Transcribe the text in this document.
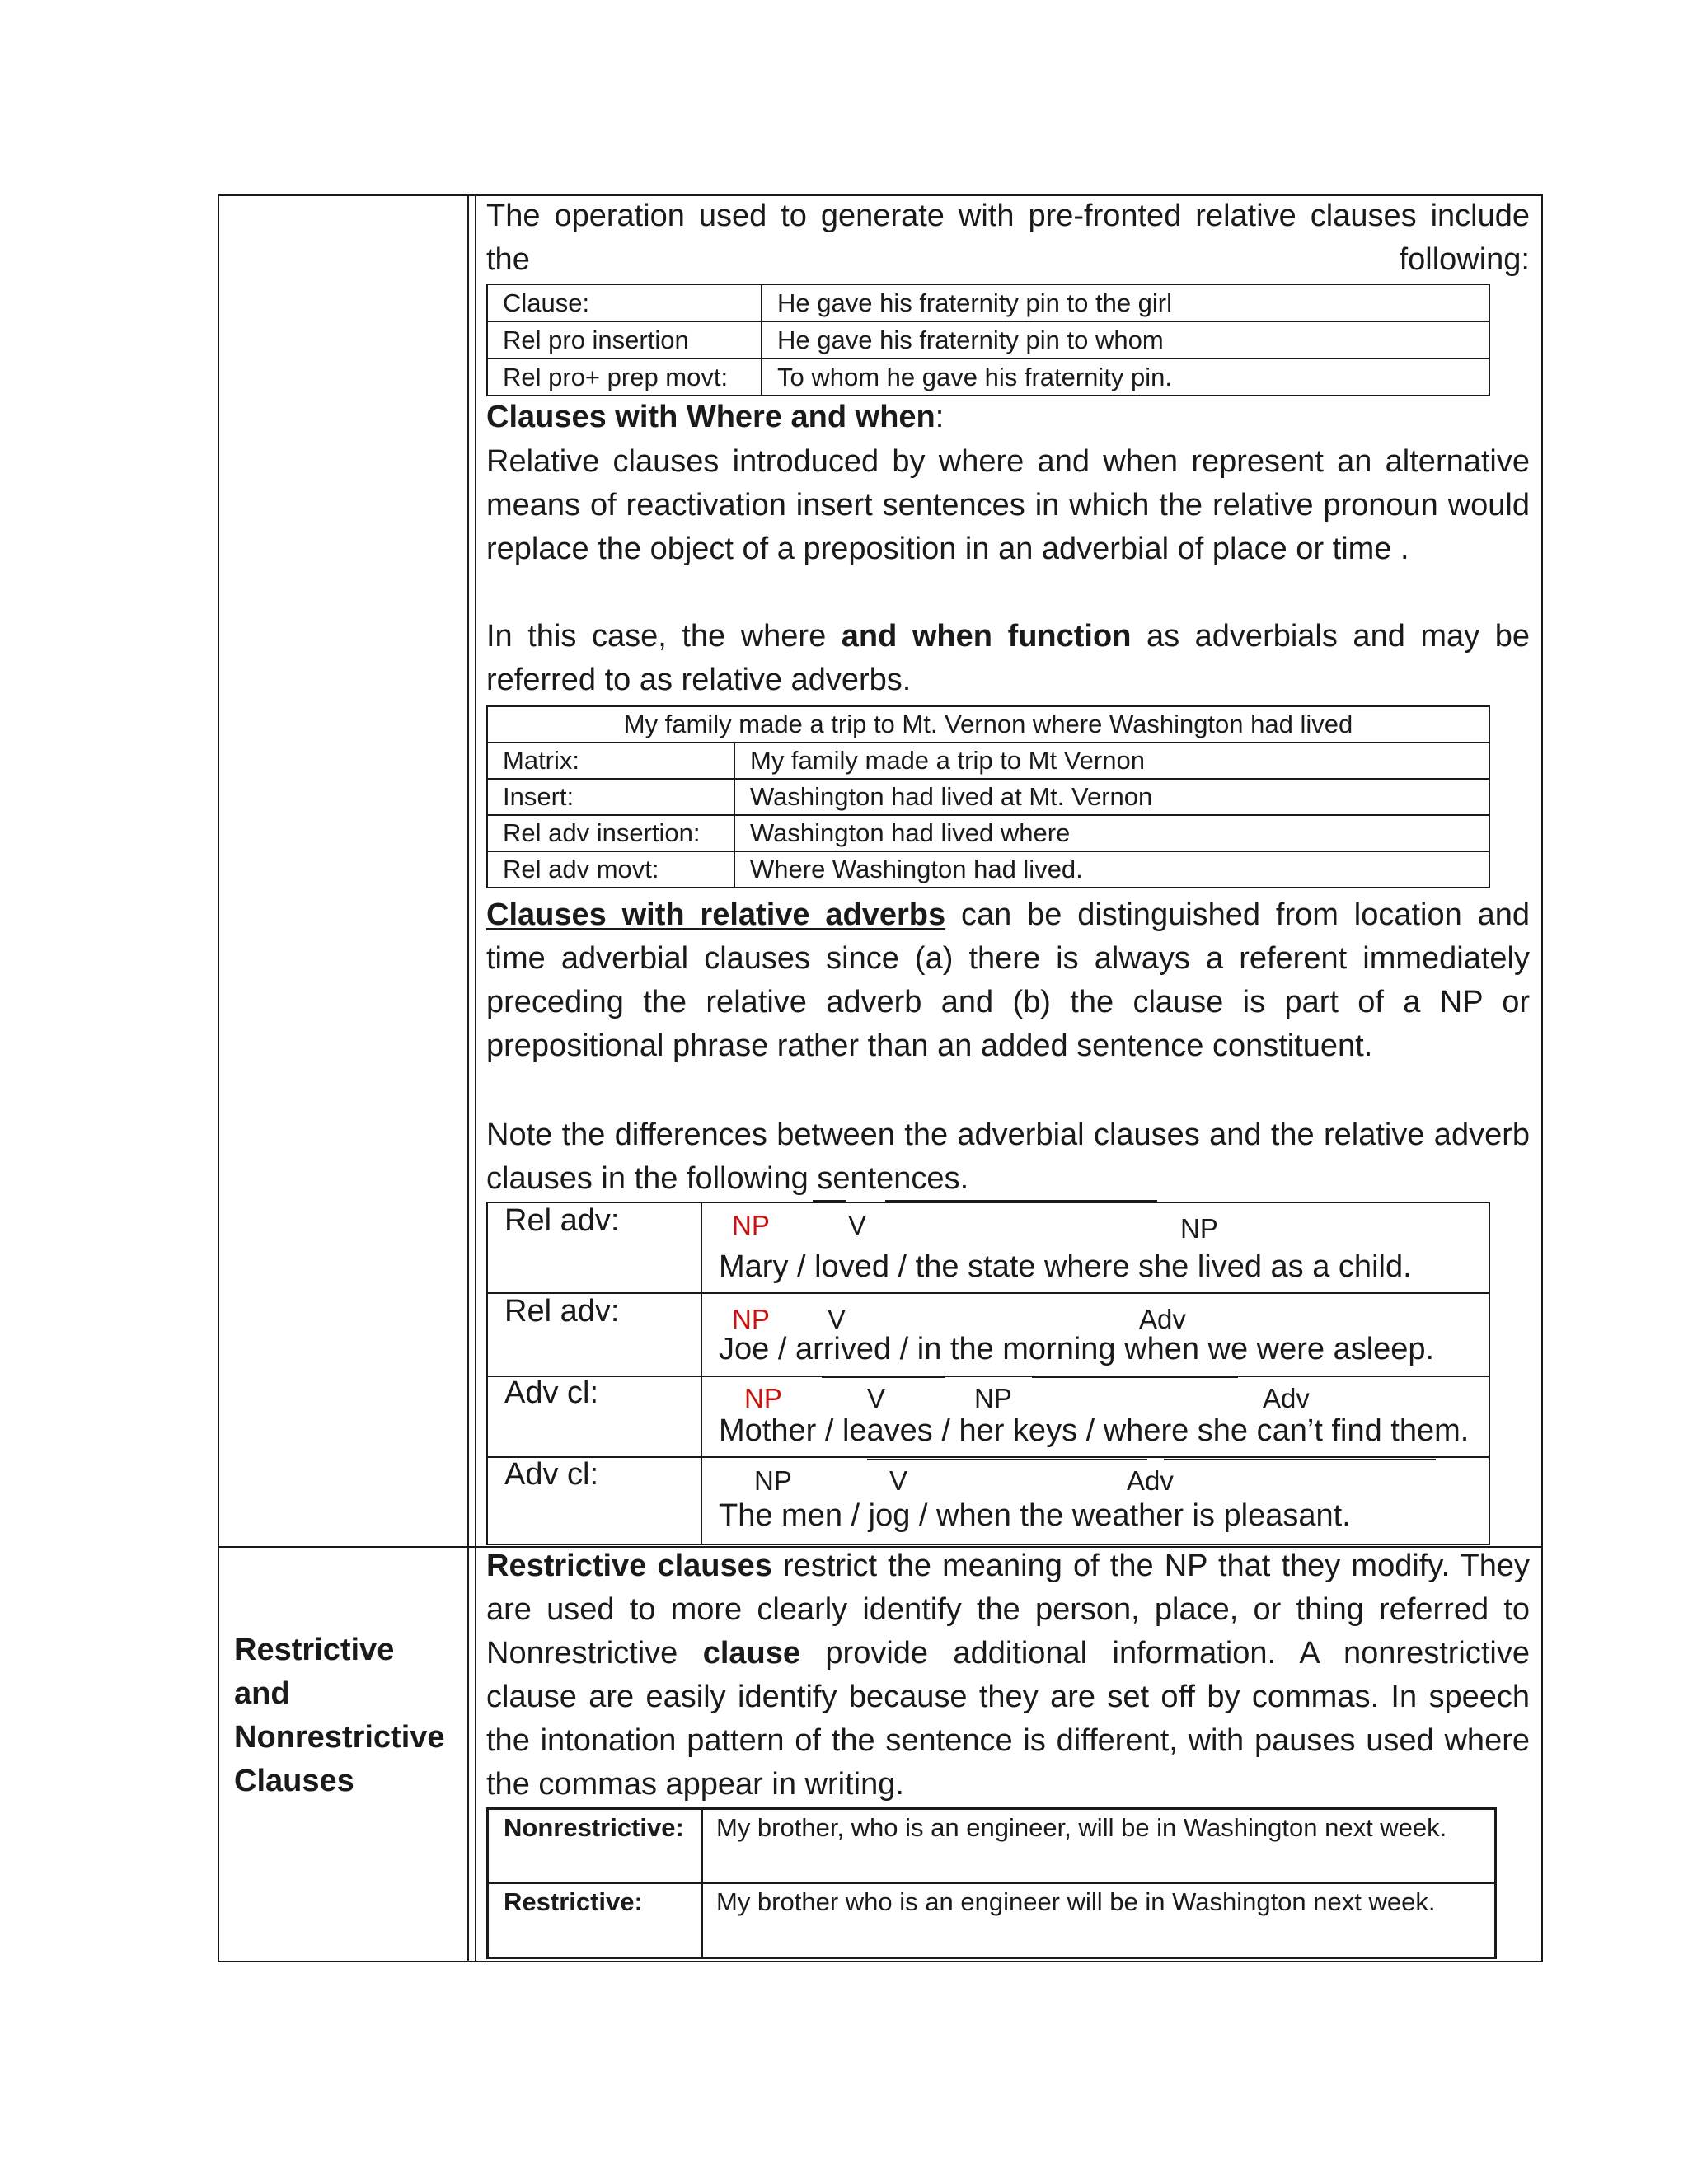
The operation used to generate with pre-fronted relative clauses include the following:

Clause:	He gave his fraternity pin to the girl
Rel pro insertion	He gave his fraternity pin to whom
Rel pro+ prep movt:	To whom he gave his fraternity pin.

Clauses with Where and when:

Relative clauses introduced by where and when represent an alternative means of reactivation insert sentences in which the relative pronoun would replace the object of a preposition in an adverbial of place or time .

In this case, the where and when function as adverbials and may be referred to as relative adverbs.

My family made a trip to Mt. Vernon where Washington had lived	
Matrix:	My family made a trip to Mt Vernon
Insert:	Washington had lived at Mt. Vernon
Rel adv insertion:	Washington had lived where
Rel adv movt:	Where Washington had lived.

Clauses with relative adverbs can be distinguished from location and time adverbial clauses since (a) there is always a referent immediately preceding the relative adverb and (b) the clause is part of a NP or prepositional phrase rather than an added sentence constituent.

Note the differences between the adverbial clauses and the relative adverb clauses in the following sentences.

Rel adv:	NP	V	NP
Mary / loved / the state where she lived as a child.
Rel adv:	NP V	Adv
Joe / arrived / in the morning when we were asleep.
Adv cl:	NP	V	NP	Adv
Mother / leaves / her keys / where she can’t find them.
Adv cl:	NP	V	Adv
The men / jog / when the weather is pleasant.
Restrictive
and
Nonrestrictive
Clauses

Restrictive clauses restrict the meaning of the NP that they modify. They are used to more clearly identify the person, place, or thing referred to Nonrestrictive clause provide additional information. A nonrestrictive clause are easily identify because they are set off by commas. In speech the intonation pattern of the sentence is different, with pauses used where the commas appear in writing.

Nonrestrictive:	My brother, who is an engineer, will be in Washington next week.
Restrictive:	My brother who is an engineer will be in Washington next week.
